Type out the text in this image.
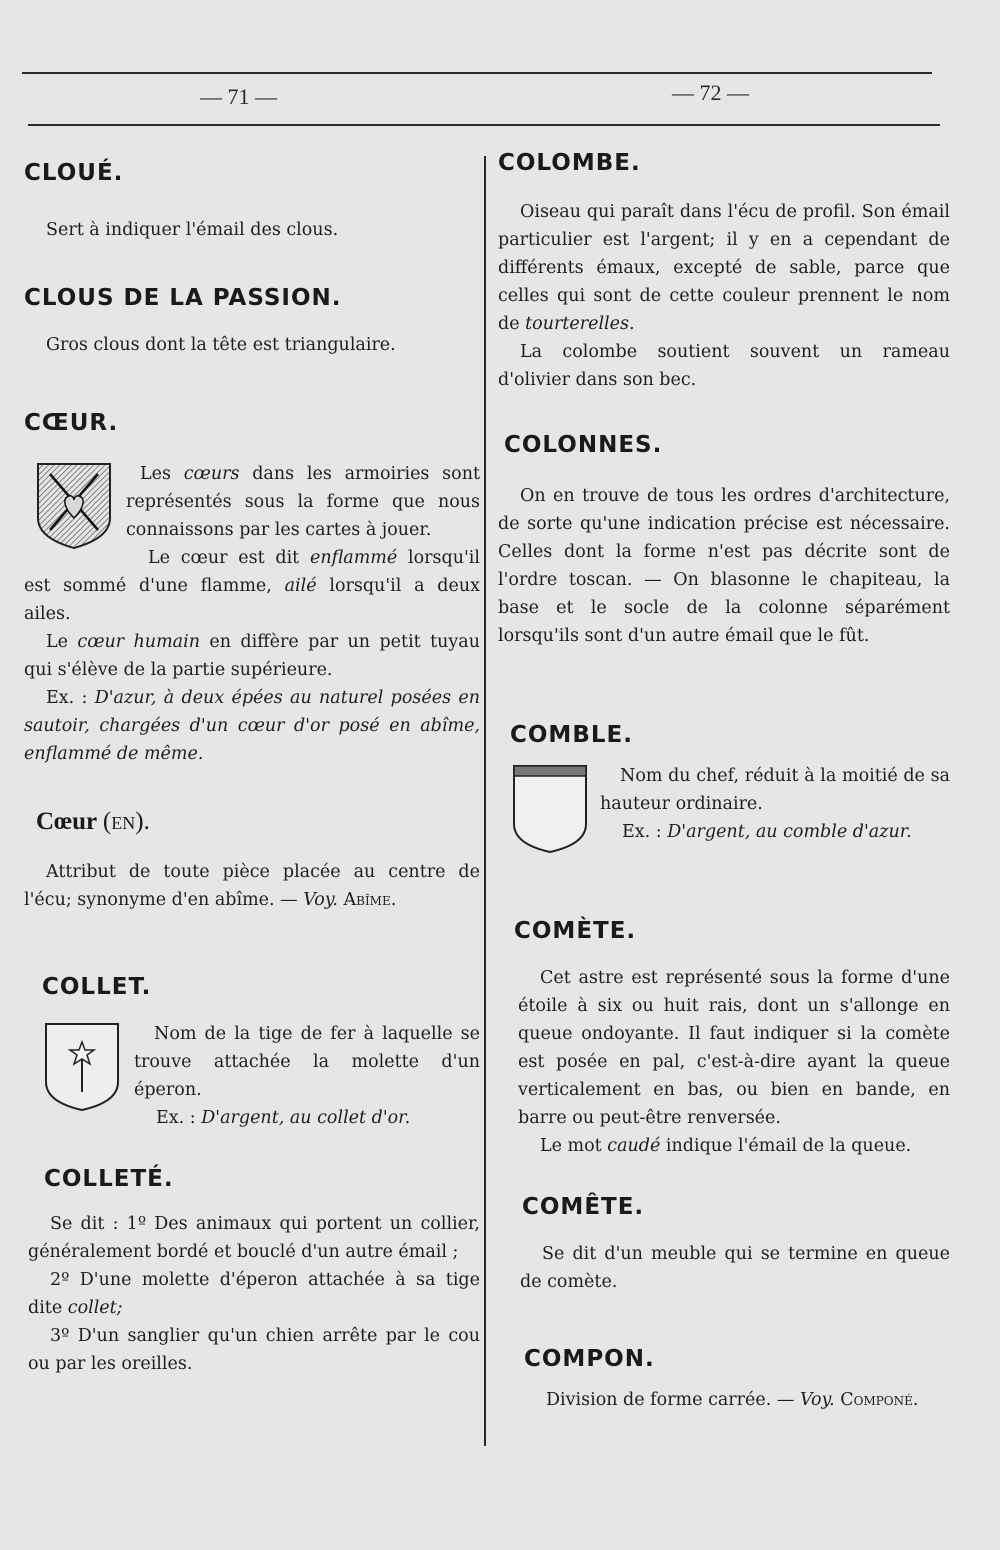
— 71 —	— 72 —
CLOUÉ.

Sert à indiquer l'émail des clous.

CLOUS DE LA PASSION.

Gros clous dont la tête est triangulaire.

CŒUR.

Les cœurs dans les armoiries sont représentés sous la forme que nous connaissons par les cartes à jouer.

Le cœur est dit enflammé lorsqu'il est sommé d'une flamme, ailé lorsqu'il a deux ailes.

Le cœur humain en diffère par un petit tuyau qui s'élève de la partie supérieure.

Ex. : D'azur, à deux épées au naturel posées en sautoir, chargées d'un cœur d'or posé en abîme, enflammé de même.

Cœur (en).

Attribut de toute pièce placée au centre de l'écu; synonyme d'en abîme. — Voy. Abîme.

COLLET.

Nom de la tige de fer à laquelle se trouve attachée la molette d'un éperon.

Ex. : D'argent, au collet d'or.

COLLETÉ.

Se dit : 1º Des animaux qui portent un collier, généralement bordé et bouclé d'un autre émail ;

2º D'une molette d'éperon attachée à sa tige dite collet;

3º D'un sanglier qu'un chien arrête par le cou ou par les oreilles.

COLOMBE.

Oiseau qui paraît dans l'écu de profil. Son émail particulier est l'argent; il y en a cependant de différents émaux, excepté de sable, parce que celles qui sont de cette couleur prennent le nom de tourterelles.

La colombe soutient souvent un rameau d'olivier dans son bec.

COLONNES.

On en trouve de tous les ordres d'architecture, de sorte qu'une indication précise est nécessaire. Celles dont la forme n'est pas décrite sont de l'ordre toscan. — On blasonne le chapiteau, la base et le socle de la colonne séparément lorsqu'ils sont d'un autre émail que le fût.

COMBLE.

Nom du chef, réduit à la moitié de sa hauteur ordinaire.

Ex. : D'argent, au comble d'azur.

COMÈTE.

Cet astre est représenté sous la forme d'une étoile à six ou huit rais, dont un s'allonge en queue ondoyante. Il faut indiquer si la comète est posée en pal, c'est-à-dire ayant la queue verticalement en bas, ou bien en bande, en barre ou peut-être renversée.

Le mot caudé indique l'émail de la queue.

COMÊTE.

Se dit d'un meuble qui se termine en queue de comète.

COMPON.

Division de forme carrée. — Voy. Componé.
